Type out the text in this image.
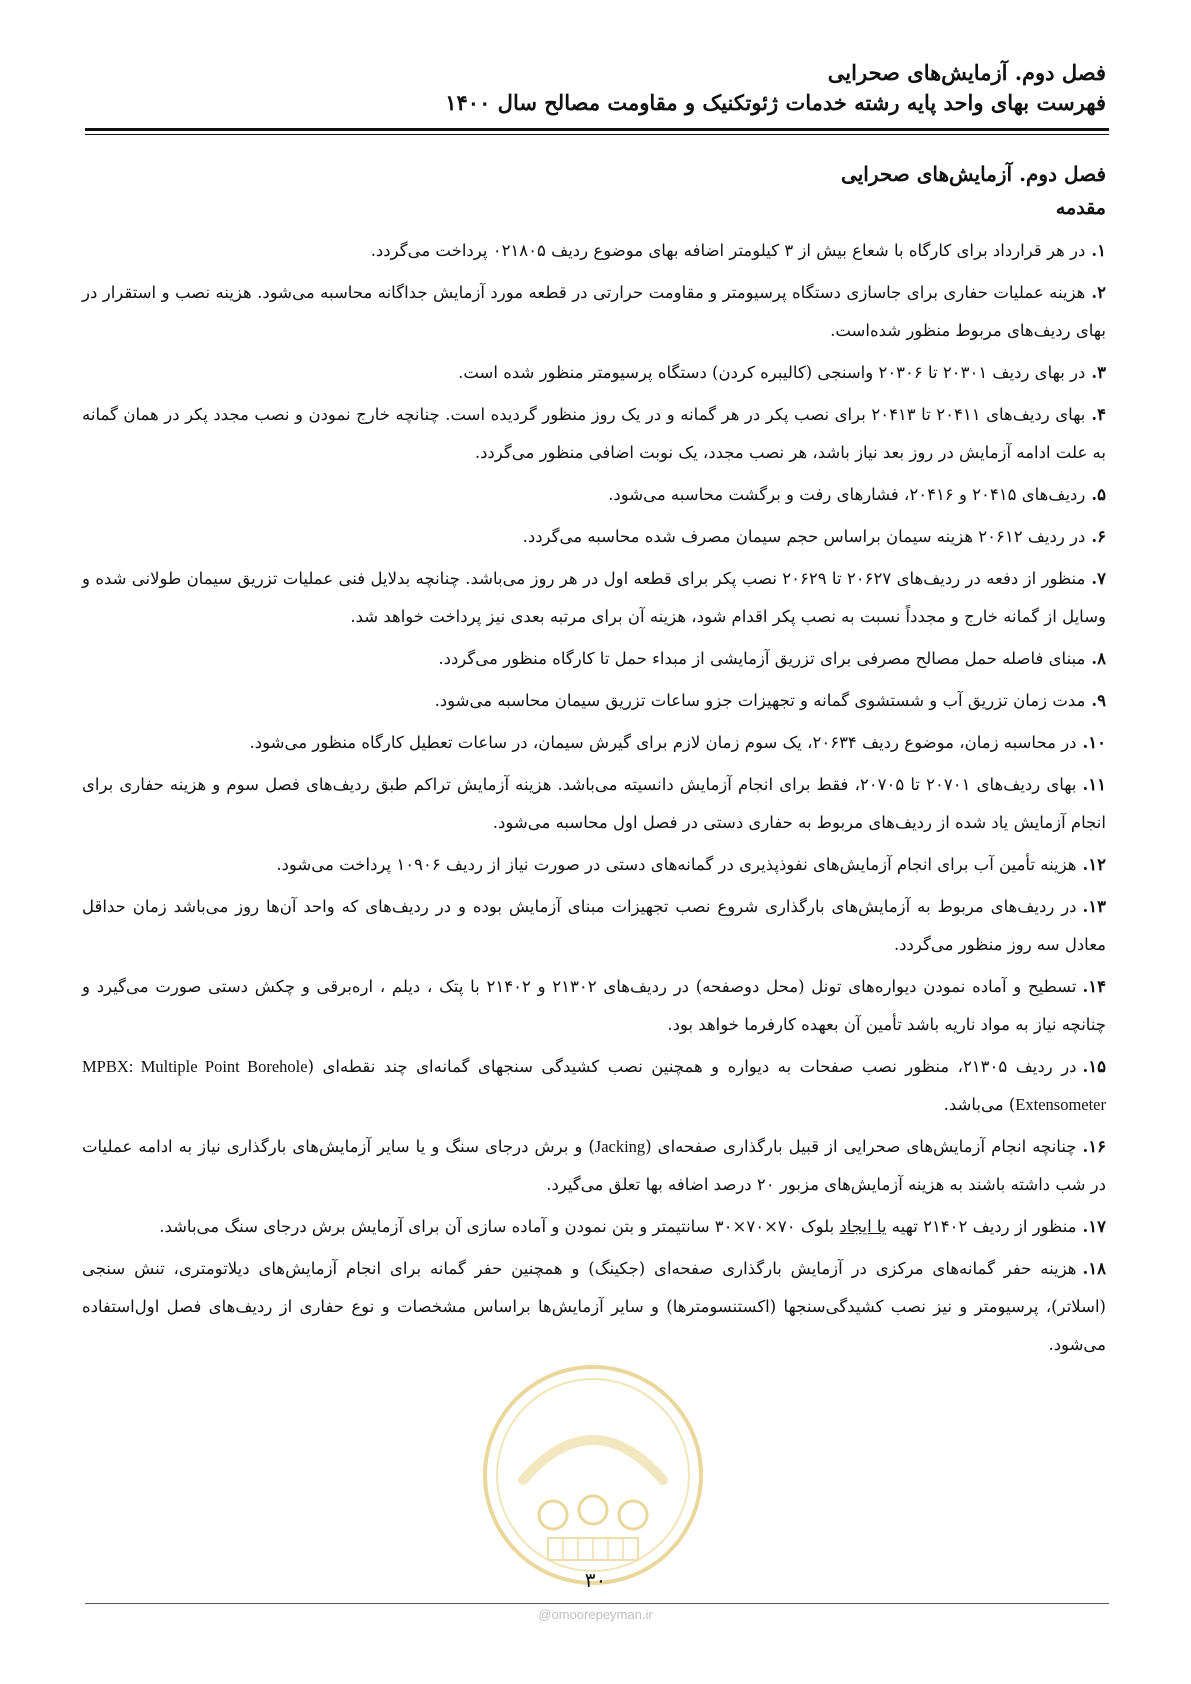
فصل دوم. آزمایش‌های صحرایی
فهرست بهای واحد پایه رشته خدمات ژئوتکنیک و مقاومت مصالح سال ۱۴۰۰
فصل دوم. آزمایش‌های صحرایی
مقدمه
۱.در هر قرارداد برای کارگاه با شعاع بیش از ۳ کیلومتر اضافه بهای موضوع ردیف ۰۲۱۸۰۵ پرداخت می‌گردد.
۲.هزینه عملیات حفاری برای جاسازی دستگاه پرسیومتر و مقاومت حرارتی در قطعه مورد آزمایش جداگانه محاسبه می‌شود. هزینه نصب و استقرار در بهای ردیف‌های مربوط منظور شده‌است.
۳.در بهای ردیف ۲۰۳۰۱ تا ۲۰۳۰۶ واسنجی (کالیبره کردن) دستگاه پرسیومتر منظور شده است.
۴.بهای ردیف‌های ۲۰۴۱۱ تا ۲۰۴۱۳ برای نصب پکر در هر گمانه و در یک روز منظور گردیده است. چنانچه خارج نمودن و نصب مجدد پکر در همان گمانه به علت ادامه آزمایش در روز بعد نیاز باشد، هر نصب مجدد، یک نوبت اضافی منظور می‌گردد.
۵.ردیف‌های ۲۰۴۱۵ و ۲۰۴۱۶، فشارهای رفت و برگشت محاسبه می‌شود.
۶.در ردیف ۲۰۶۱۲ هزینه سیمان براساس حجم سیمان مصرف شده محاسبه می‌گردد.
۷.منظور از دفعه در ردیف‌های ۲۰۶۲۷ تا ۲۰۶۲۹ نصب پکر برای قطعه اول در هر روز می‌باشد. چنانچه بدلایل فنی عملیات تزریق سیمان طولانی شده و وسایل از گمانه خارج و مجدداً نسبت به نصب پکر اقدام شود، هزینه آن برای مرتبه بعدی نیز پرداخت خواهد شد.
۸.مبنای فاصله حمل مصالح مصرفی برای تزریق آزمایشی از مبداء حمل تا کارگاه منظور می‌گردد.
۹.مدت زمان تزریق آب و شستشوی گمانه و تجهیزات جزو ساعات تزریق سیمان محاسبه می‌شود.
۱۰.در محاسبه زمان، موضوع ردیف ۲۰۶۳۴، یک سوم زمان لازم برای گیرش سیمان، در ساعات تعطیل کارگاه منظور می‌شود.
۱۱.بهای ردیف‌های ۲۰۷۰۱ تا ۲۰۷۰۵، فقط برای انجام آزمایش دانسیته می‌باشد. هزینه آزمایش تراکم طبق ردیف‌های فصل سوم و هزینه حفاری برای انجام آزمایش یاد شده از ردیف‌های مربوط به حفاری دستی در فصل اول محاسبه می‌شود.
۱۲.هزینه تأمین آب برای انجام آزمایش‌های نفوذپذیری در گمانه‌های دستی در صورت نیاز از ردیف ۱۰۹۰۶ پرداخت می‌شود.
۱۳.در ردیف‌های مربوط به آزمایش‌های بارگذاری شروع نصب تجهیزات مبنای آزمایش بوده و در ردیف‌های که واحد آن‌ها روز می‌باشد زمان حداقل معادل سه روز منظور می‌گردد.
۱۴.تسطیح و آماده نمودن دیواره‌های تونل (محل دوصفحه) در ردیف‌های ۲۱۳۰۲ و ۲۱۴۰۲ با پتک ، دیلم ، اره‌برقی و چکش دستی صورت می‌گیرد و چنانچه نیاز به مواد ناریه باشد تأمین آن بعهده کارفرما خواهد بود.
۱۵.در ردیف ۲۱۳۰۵، منظور نصب صفحات به دیواره و همچنین نصب کشیدگی سنجهای گمانه‌ای چند نقطه‌ای (MPBX: Multiple Point Borehole Extensometer) می‌باشد.
۱۶.چنانچه انجام آزمایش‌های صحرایی از قبیل بارگذاری صفحه‌ای (Jacking) و برش درجای سنگ و یا سایر آزمایش‌های بارگذاری نیاز به ادامه عملیات در شب داشته باشند به هزینه آزمایش‌های مزبور ۲۰ درصد اضافه بها تعلق می‌گیرد.
۱۷.منظور از ردیف ۲۱۴۰۲ تهیه یا ایجاد بلوک ۷۰×۷۰×۳۰ سانتیمتر و بتن نمودن و آماده سازی آن برای آزمایش برش درجای سنگ می‌باشد.
۱۸.هزینه حفر گمانه‌های مرکزی در آزمایش بارگذاری صفحه‌ای (جکینگ) و همچنین حفر گمانه برای انجام آزمایش‌های دیلاتومتری، تنش سنجی (اسلاتر)، پرسیومتر و نیز نصب کشیدگی‌سنجها (اکستنسومترها) و سایر آزمایش‌ها براساس مشخصات و نوع حفاری از ردیف‌های فصل اول‌استفاده می‌شود.
۳۰
@omoorepeyman.ir
